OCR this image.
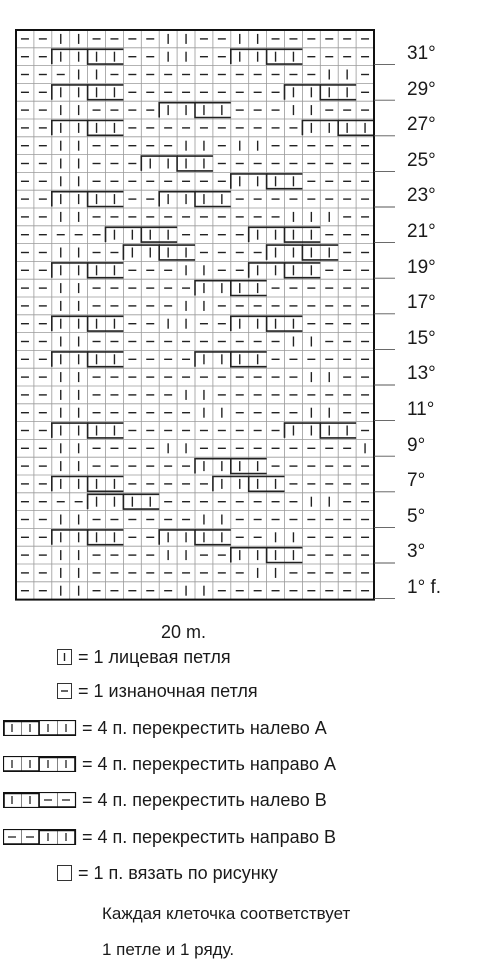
31°
29°
27°
25°
23°
21°
19°
17°
15°
13°
11°
9°
7°
5°
3°
1° f.
20 m.
= 1 лицевая петля
= 1 изнаночная петля
= 4 п. перекрестить налево А
= 4 п. перекрестить направо А
= 4 п. перекрестить налево В
= 4 п. перекрестить направо В
= 1 п. вязать по рисунку
Каждая клеточка соответствует
1 петле и 1 ряду.
